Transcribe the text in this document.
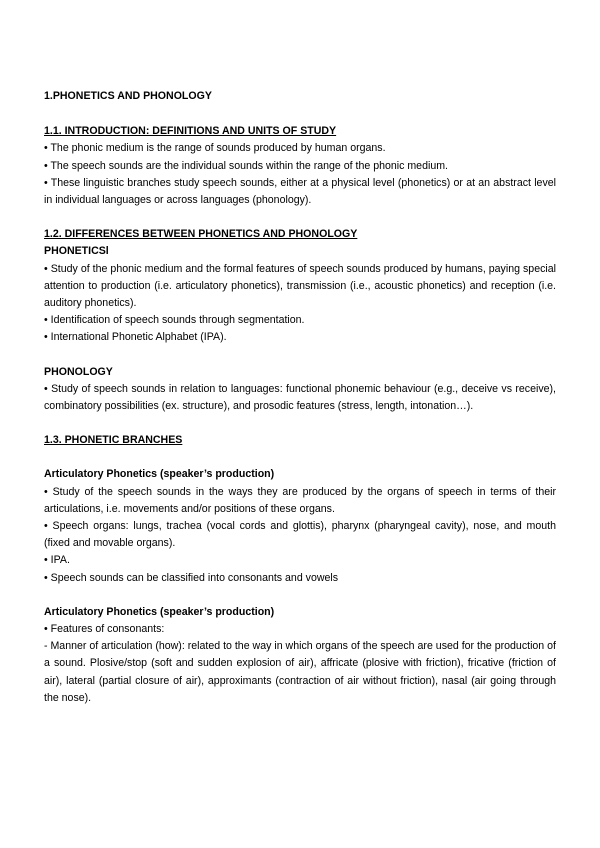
1.PHONETICS AND PHONOLOGY
1.1. INTRODUCTION: DEFINITIONS AND UNITS OF STUDY

• The phonic medium is the range of sounds produced by human organs.

• The speech sounds are the individual sounds within the range of the phonic medium.

• These linguistic branches study speech sounds, either at a physical level (phonetics) or at an abstract level in individual languages or across languages (phonology).

1.2. DIFFERENCES BETWEEN PHONETICS AND PHONOLOGY
PHONETICSl

• Study of the phonic medium and the formal features of speech sounds produced by humans, paying special attention to production (i.e. articulatory phonetics), transmission (i.e., acoustic phonetics) and reception (i.e. auditory phonetics).

• Identification of speech sounds through segmentation.

• International Phonetic Alphabet (IPA).

PHONOLOGY

• Study of speech sounds in relation to languages: functional phonemic behaviour (e.g., deceive vs receive), combinatory possibilities (ex. structure), and prosodic features (stress, length, intonation…).

1.3. PHONETIC BRANCHES
Articulatory Phonetics (speaker’s production)

• Study of the speech sounds in the ways they are produced by the organs of speech in terms of their articulations, i.e. movements and/or positions of these organs.

• Speech organs: lungs, trachea (vocal cords and glottis), pharynx (pharyngeal cavity), nose, and mouth (fixed and movable organs).

• IPA.

• Speech sounds can be classified into consonants and vowels

Articulatory Phonetics (speaker’s production)

• Features of consonants:

- Manner of articulation (how): related to the way in which organs of the speech are used for the production of a sound. Plosive/stop (soft and sudden explosion of air), affricate (plosive with friction), fricative (friction of air), lateral (partial closure of air), approximants (contraction of air without friction), nasal (air going through the nose).
